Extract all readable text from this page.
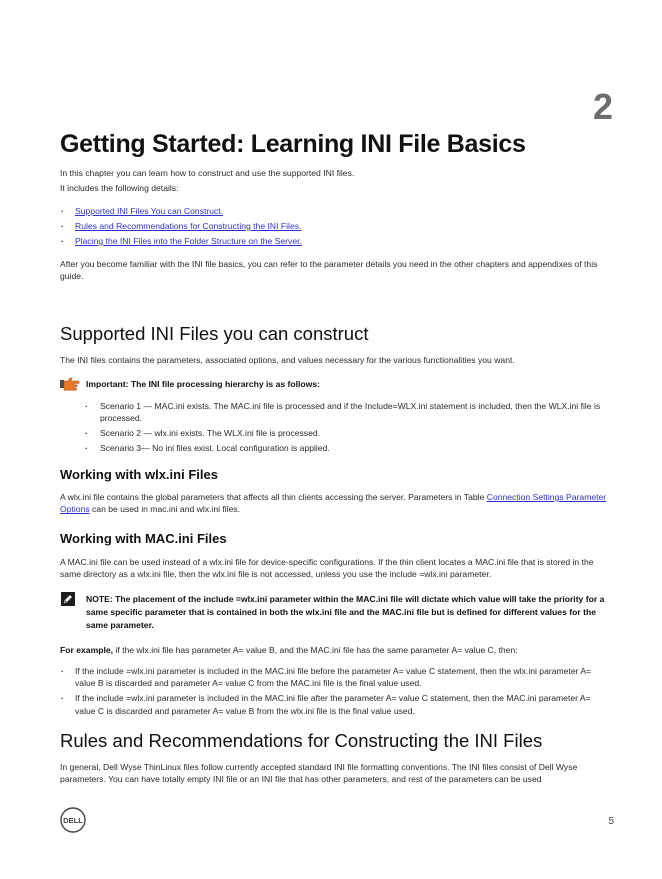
2
Getting Started: Learning INI File Basics

In this chapter you can learn how to construct and use the supported INI files.

It includes the following details:

· Supported INI Files You can Construct.
· Rules and Recommendations for Constructing the INI Files.
· Placing the INI Files into the Folder Structure on the Server.

After you become familiar with the INI file basics, you can refer to the parameter details you need in the other chapters and appendixes of this guide.

Supported INI Files you can construct

The INI files contains the parameters, associated options, and values necessary for the various functionalities you want.

Important: The INI file processing hierarchy is as follows:
· Scenario 1 — MAC.ini exists. The MAC.ini file is processed and if the Include=WLX.ini statement is included, then the WLX.ini file is processed.
· Scenario 2 — wlx.ini exists. The WLX.ini file is processed.
· Scenario 3— No ini files exist. Local configuration is applied.
Working with wlx.ini Files

A wlx.ini file contains the global parameters that affects all thin clients accessing the server. Parameters in Table Connection Settings Parameter Options can be used in mac.ini and wlx.ini files.

Working with MAC.ini Files

A MAC.ini file can be used instead of a wlx.ini file for device-specific configurations. If the thin client locates a MAC.ini file that is stored in the same directory as a wlx.ini file, then the wlx.ini file is not accessed, unless you use the include =wlx.ini parameter.

NOTE: The placement of the include =wlx.ini parameter within the MAC.ini file will dictate which value will take the priority for a same specific parameter that is contained in both the wlx.ini file and the MAC.ini file but is defined for different values for the same parameter.

For example, if the wlx.ini file has parameter A= value B, and the MAC.ini file has the same parameter A= value C, then:

· If the include =wlx.ini parameter is included in the MAC.ini file before the parameter A= value C statement, then the wlx.ini parameter A= value B is discarded and parameter A= value C from the MAC.ini file is the final value used.
· If the include =wlx.ini parameter is included in the MAC.ini file after the parameter A= value C statement, then the MAC.ini parameter A= value C is discarded and parameter A= value B from the wlx.ini file is the final value used.
Rules and Recommendations for Constructing the INI Files

In general, Dell Wyse ThinLinux files follow currently accepted standard INI file formatting conventions. The INI files consist of Dell Wyse parameters. You can have totally empty INI file or an INI file that has other parameters, and rest of the parameters can be used

DELL	5
